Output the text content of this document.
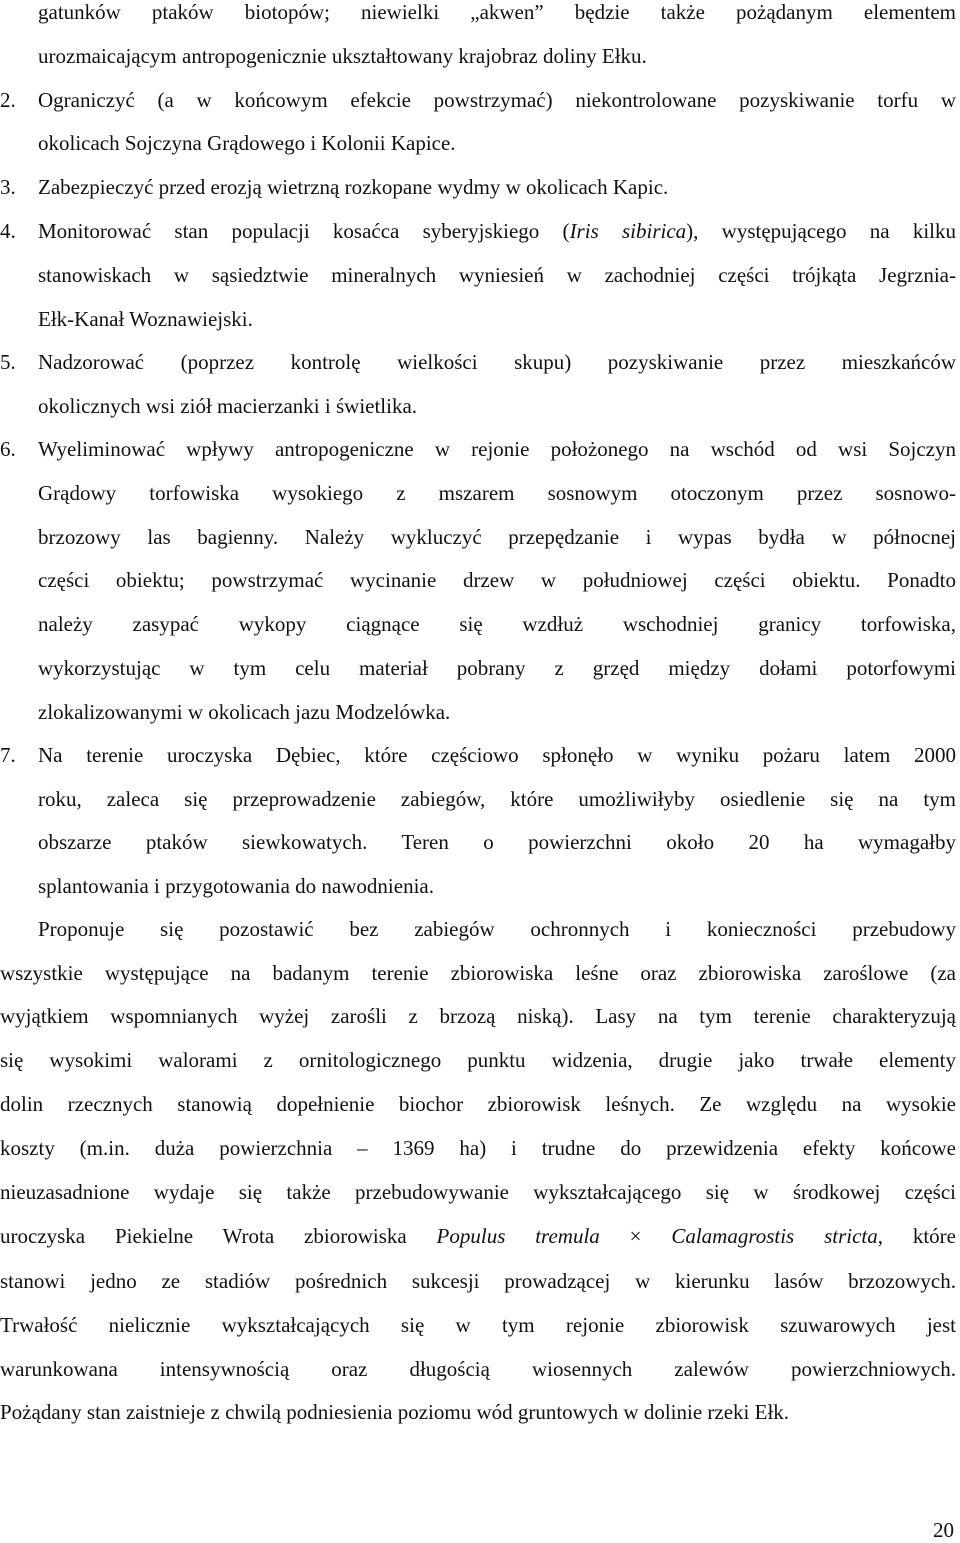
gatunków ptaków biotopów; niewielki „akwen” będzie także pożądanym elementem
urozmaicającym antropogenicznie ukształtowany krajobraz doliny Ełku.
2. Ograniczyć (a w końcowym efekcie powstrzymać) niekontrolowane pozyskiwanie torfu w
okolicach Sojczyna Grądowego i Kolonii Kapice.
3. Zabezpieczyć przed erozją wietrzną rozkopane wydmy w okolicach Kapic.
4. Monitorować stan populacji kosaćca syberyjskiego (Iris sibirica), występującego na kilku
stanowiskach w sąsiedztwie mineralnych wyniesień w zachodniej części trójkąta Jegrznia-
Ełk-Kanał Woznawiejski.
5. Nadzorować (poprzez kontrolę wielkości skupu) pozyskiwanie przez mieszkańców
okolicznych wsi ziół macierzanki i świetlika.
6. Wyeliminować wpływy antropogeniczne w rejonie położonego na wschód od wsi Sojczyn
Grądowy torfowiska wysokiego z mszarem sosnowym otoczonym przez sosnowo-
brzozowy las bagienny. Należy wykluczyć przepędzanie i wypas bydła w północnej
części obiektu; powstrzymać wycinanie drzew w południowej części obiektu. Ponadto
należy zasypać wykopy ciągnące się wzdłuż wschodniej granicy torfowiska,
wykorzystując w tym celu materiał pobrany z grzęd między dołami potorfowymi
zlokalizowanymi w okolicach jazu Modzelówka.
7. Na terenie uroczyska Dębiec, które częściowo spłonęło w wyniku pożaru latem 2000
roku, zaleca się przeprowadzenie zabiegów, które umożliwiłyby osiedlenie się na tym
obszarze ptaków siewkowatych. Teren o powierzchni około 20 ha wymagałby
splantowania i przygotowania do nawodnienia.
Proponuje się pozostawić bez zabiegów ochronnych i konieczności przebudowy
wszystkie występujące na badanym terenie zbiorowiska leśne oraz zbiorowiska zaroślowe (za
wyjątkiem wspomnianych wyżej zarośli z brzozą niską). Lasy na tym terenie charakteryzują
się wysokimi walorami z ornitologicznego punktu widzenia, drugie jako trwałe elementy
dolin rzecznych stanowią dopełnienie biochor zbiorowisk leśnych. Ze względu na wysokie
koszty (m.in. duża powierzchnia – 1369 ha) i trudne do przewidzenia efekty końcowe
nieuzasadnione wydaje się także przebudowywanie wykształcającego się w środkowej części
uroczyska Piekielne Wrota zbiorowiska Populus tremula × Calamagrostis stricta, które
stanowi jedno ze stadiów pośrednich sukcesji prowadzącej w kierunku lasów brzozowych.
Trwałość nielicznie wykształcających się w tym rejonie zbiorowisk szuwarowych jest
warunkowana intensywnością oraz długością wiosennych zalewów powierzchniowych.
Pożądany stan zaistnieje z chwilą podniesienia poziomu wód gruntowych w dolinie rzeki Ełk.
20
